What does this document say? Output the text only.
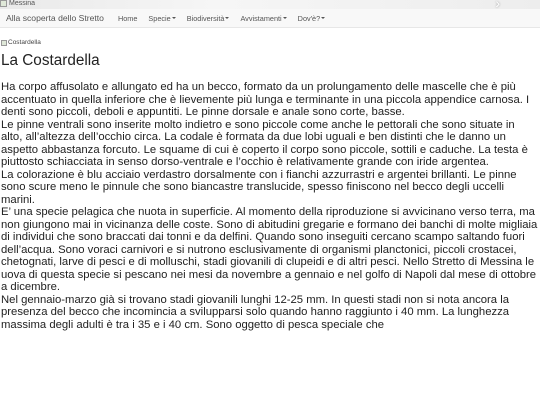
Messina	›
Alla scoperta dello Stretto Home Specie Biodiversità Avvistamenti Dov'è?
Costardella
La Costardella

Ha corpo affusolato e allungato ed ha un becco, formato da un prolungamento delle mascelle che è più accentuato in quella inferiore che è lievemente più lunga e terminante in una piccola appendice carnosa. I denti sono piccoli, deboli e appuntiti. Le pinne dorsale e anale sono corte, basse.

Le pinne ventrali sono inserite molto indietro e sono piccole come anche le pettorali che sono situate in alto, all’altezza dell’occhio circa. La codale è formata da due lobi uguali e ben distinti che le danno un aspetto abbastanza forcuto. Le squame di cui è coperto il corpo sono piccole, sottili e caduche. La testa è piuttosto schiacciata in senso dorso-ventrale e l’occhio è relativamente grande con iride argentea.

La colorazione è blu acciaio verdastro dorsalmente con i fianchi azzurrastri e argentei brillanti. Le pinne sono scure meno le pinnule che sono biancastre translucide, spesso finiscono nel becco degli uccelli marini.

E’ una specie pelagica che nuota in superficie. Al momento della riproduzione si avvicinano verso terra, ma non giungono mai in vicinanza delle coste. Sono di abitudini gregarie e formano dei banchi di molte migliaia di individui che sono braccati dai tonni e da delfini. Quando sono inseguiti cercano scampo saltando fuori dell’acqua. Sono voraci carnivori e si nutrono esclusivamente di organismi planctonici, piccoli crostacei, chetognati, larve di pesci e di molluschi, stadi giovanili di clupeidi e di altri pesci. Nello Stretto di Messina le uova di questa specie si pescano nei mesi da novembre a gennaio e nel golfo di Napoli dal mese di ottobre a dicembre.

Nel gennaio-marzo già si trovano stadi giovanili lunghi 12-25 mm. In questi stadi non si nota ancora la presenza del becco che incomincia a svilupparsi solo quando hanno raggiunto i 40 mm. La lunghezza massima degli adulti è tra i 35 e i 40 cm. Sono oggetto di pesca speciale che
